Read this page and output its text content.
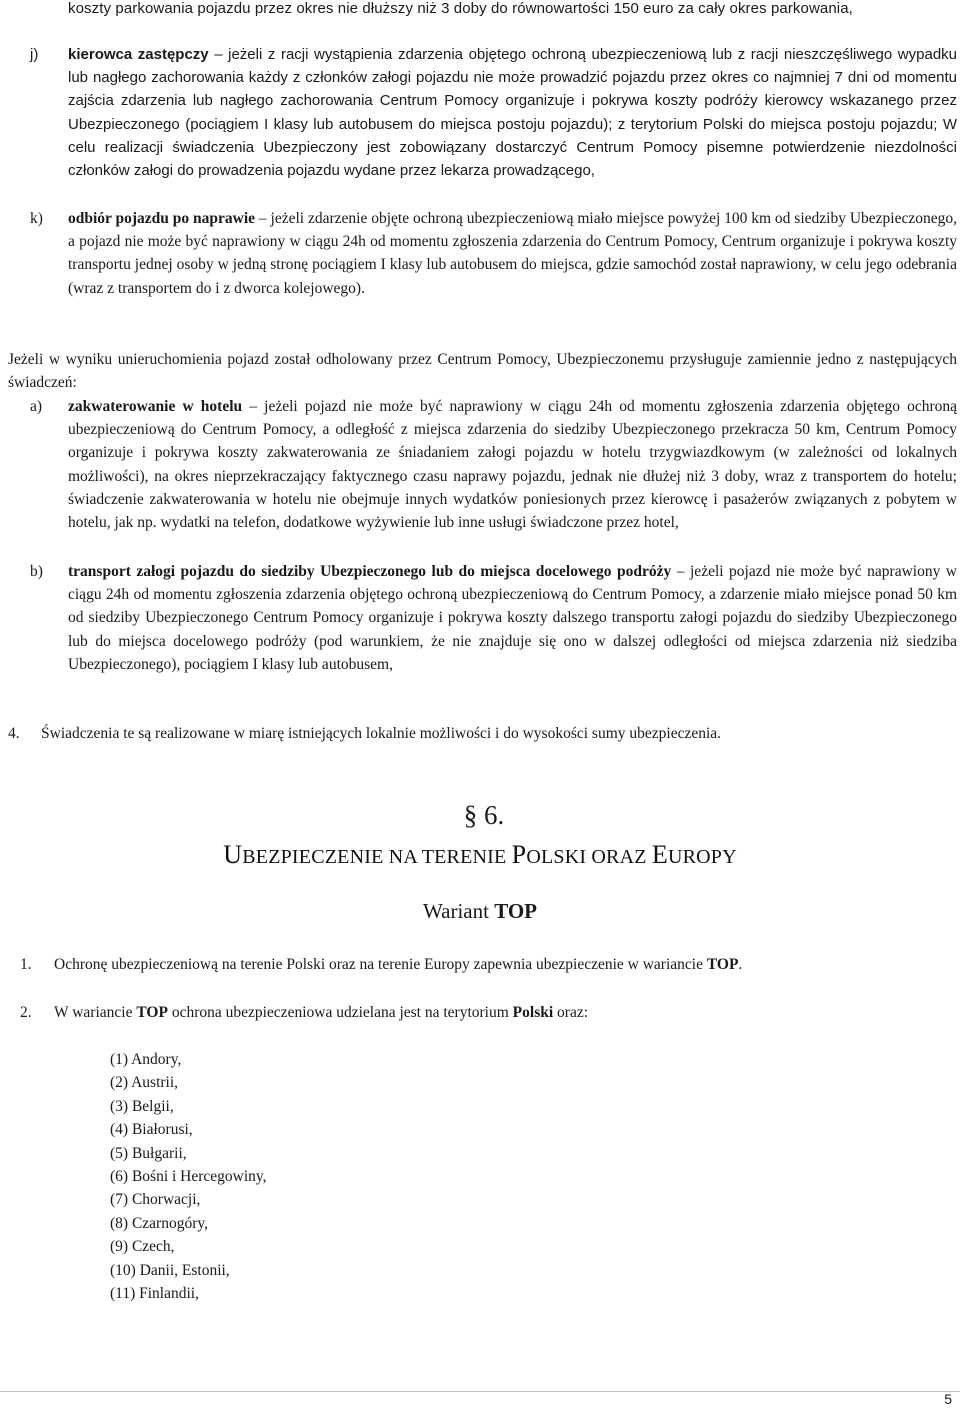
koszty parkowania pojazdu przez okres nie dłuższy niż 3 doby do równowartości 150 euro za cały okres parkowania,
j) kierowca zastępczy – jeżeli z racji wystąpienia zdarzenia objętego ochroną ubezpieczeniową lub z racji nieszczęśliwego wypadku lub nagłego zachorowania każdy z członków załogi pojazdu nie może prowadzić pojazdu przez okres co najmniej 7 dni od momentu zajścia zdarzenia lub nagłego zachorowania Centrum Pomocy organizuje i pokrywa koszty podróży kierowcy wskazanego przez Ubezpieczonego (pociągiem I klasy lub autobusem do miejsca postoju pojazdu); z terytorium Polski do miejsca postoju pojazdu; W celu realizacji świadczenia Ubezpieczony jest zobowiązany dostarczyć Centrum Pomocy pisemne potwierdzenie niezdolności członków załogi do prowadzenia pojazdu wydane przez lekarza prowadzącego,
k) odbiór pojazdu po naprawie – jeżeli zdarzenie objęte ochroną ubezpieczeniową miało miejsce powyżej 100 km od siedziby Ubezpieczonego, a pojazd nie może być naprawiony w ciągu 24h od momentu zgłoszenia zdarzenia do Centrum Pomocy, Centrum organizuje i pokrywa koszty transportu jednej osoby w jedną stronę pociągiem I klasy lub autobusem do miejsca, gdzie samochód został naprawiony, w celu jego odebrania (wraz z transportem do i z dworca kolejowego).
Jeżeli w wyniku unieruchomienia pojazd został odholowany przez Centrum Pomocy, Ubezpieczonemu przysługuje zamiennie jedno z następujących świadczeń:
a) zakwaterowanie w hotelu – jeżeli pojazd nie może być naprawiony w ciągu 24h od momentu zgłoszenia zdarzenia objętego ochroną ubezpieczeniową do Centrum Pomocy, a odległość z miejsca zdarzenia do siedziby Ubezpieczonego przekracza 50 km, Centrum Pomocy organizuje i pokrywa koszty zakwaterowania ze śniadaniem załogi pojazdu w hotelu trzygwiazdkowym (w zależności od lokalnych możliwości), na okres nieprzekraczający faktycznego czasu naprawy pojazdu, jednak nie dłużej niż 3 doby, wraz z transportem do hotelu; świadczenie zakwaterowania w hotelu nie obejmuje innych wydatków poniesionych przez kierowcę i pasażerów związanych z pobytem w hotelu, jak np. wydatki na telefon, dodatkowe wyżywienie lub inne usługi świadczone przez hotel,
b) transport załogi pojazdu do siedziby Ubezpieczonego lub do miejsca docelowego podróży – jeżeli pojazd nie może być naprawiony w ciągu 24h od momentu zgłoszenia zdarzenia objętego ochroną ubezpieczeniową do Centrum Pomocy, a zdarzenie miało miejsce ponad 50 km od siedziby Ubezpieczonego Centrum Pomocy organizuje i pokrywa koszty dalszego transportu załogi pojazdu do siedziby Ubezpieczonego lub do miejsca docelowego podróży (pod warunkiem, że nie znajduje się ono w dalszej odległości od miejsca zdarzenia niż siedziba Ubezpieczonego), pociągiem I klasy lub autobusem,
4. Świadczenia te są realizowane w miarę istniejących lokalnie możliwości i do wysokości sumy ubezpieczenia.
§ 6.
UBEZPIECZENIE NA TERENIE POLSKI ORAZ EUROPY
Wariant TOP
1. Ochronę ubezpieczeniową na terenie Polski oraz na terenie Europy zapewnia ubezpieczenie w wariancie TOP.
2. W wariancie TOP ochrona ubezpieczeniowa udzielana jest na terytorium Polski oraz:
(1) Andory,
(2) Austrii,
(3) Belgii,
(4) Białorusi,
(5) Bułgarii,
(6) Bośni i Hercegowiny,
(7) Chorwacji,
(8) Czarnogóry,
(9) Czech,
(10) Danii, Estonii,
(11) Finlandii,
5
